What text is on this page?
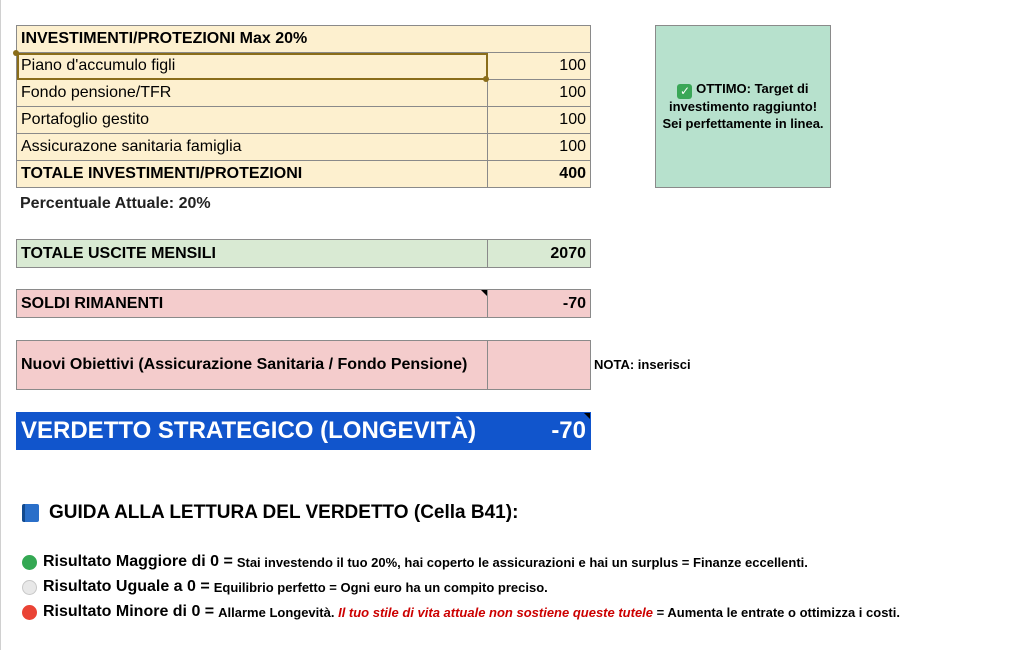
INVESTIMENTI/PROTEZIONI Max 20%	
Piano d'accumulo figli	100
Fondo pensione/TFR	100
Portafoglio gestito	100
Assicurazone sanitaria famiglia	100
TOTALE INVESTIMENTI/PROTEZIONI	400
Percentuale Attuale: 20%
✓ OTTIMO: Target di investimento raggiunto! Sei perfettamente in linea.
TOTALE USCITE MENSILI	2070
SOLDI RIMANENTI	-70
Nuovi Obiettivi (Assicurazione Sanitaria / Fondo Pensione)		NOTA: inserisci
VERDETTO STRATEGICO (LONGEVITÀ)	-70
GUIDA ALLA LETTURA DEL VERDETTO (Cella B41):
Risultato Maggiore di 0 = Stai investendo il tuo 20%, hai coperto le assicurazioni e hai un surplus = Finanze eccellenti.
Risultato Uguale a 0 = Equilibrio perfetto = Ogni euro ha un compito preciso.
Risultato Minore di 0 = Allarme Longevità.
Il tuo stile di vita attuale non sostiene queste tutele
= Aumenta le entrate o ottimizza i costi.
